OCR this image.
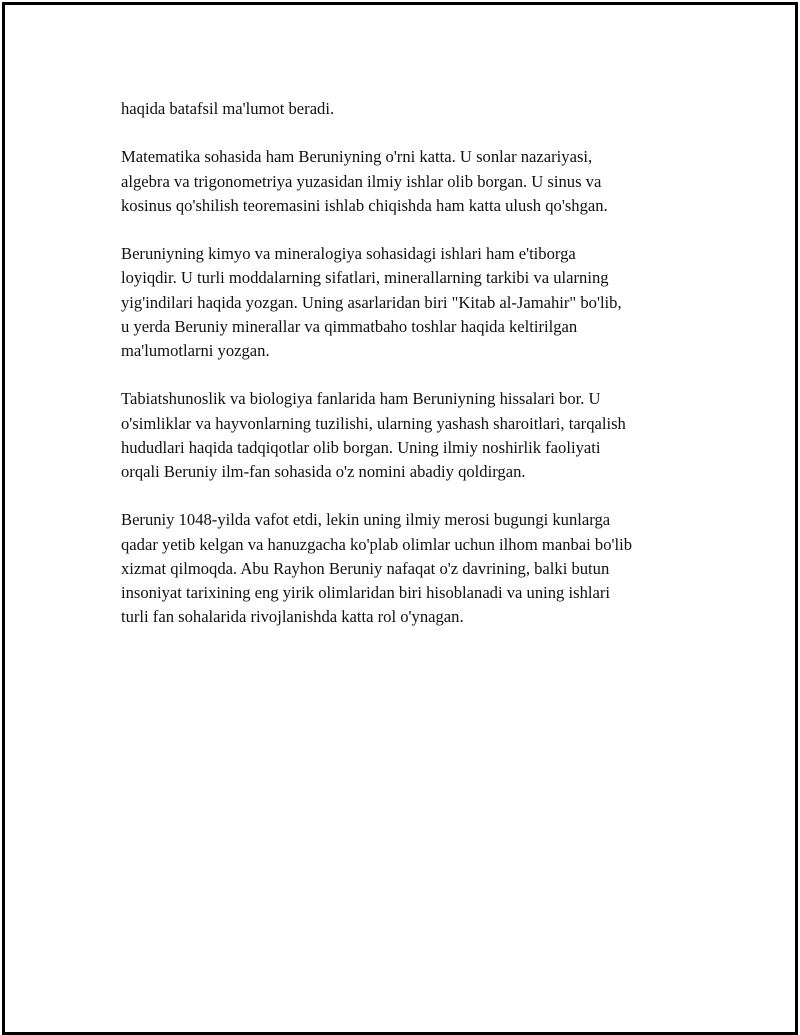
haqida batafsil ma'lumot beradi.

Matematika sohasida ham Beruniyning o'rni katta. U sonlar nazariyasi,
algebra va trigonometriya yuzasidan ilmiy ishlar olib borgan. U sinus va
kosinus qo'shilish teoremasini ishlab chiqishda ham katta ulush qo'shgan.

Beruniyning kimyo va mineralogiya sohasidagi ishlari ham e'tiborga
loyiqdir. U turli moddalarning sifatlari, minerallarning tarkibi va ularning
yig'indilari haqida yozgan. Uning asarlaridan biri "Kitab al-Jamahir" bo'lib,
u yerda Beruniy minerallar va qimmatbaho toshlar haqida keltirilgan
ma'lumotlarni yozgan.

Tabiatshunoslik va biologiya fanlarida ham Beruniyning hissalari bor. U
o'simliklar va hayvonlarning tuzilishi, ularning yashash sharoitlari, tarqalish
hududlari haqida tadqiqotlar olib borgan. Uning ilmiy noshirlik faoliyati
orqali Beruniy ilm-fan sohasida o'z nomini abadiy qoldirgan.

Beruniy 1048-yilda vafot etdi, lekin uning ilmiy merosi bugungi kunlarga
qadar yetib kelgan va hanuzgacha ko'plab olimlar uchun ilhom manbai bo'lib
xizmat qilmoqda. Abu Rayhon Beruniy nafaqat o'z davrining, balki butun
insoniyat tarixining eng yirik olimlaridan biri hisoblanadi va uning ishlari
turli fan sohalarida rivojlanishda katta rol o'ynagan.
